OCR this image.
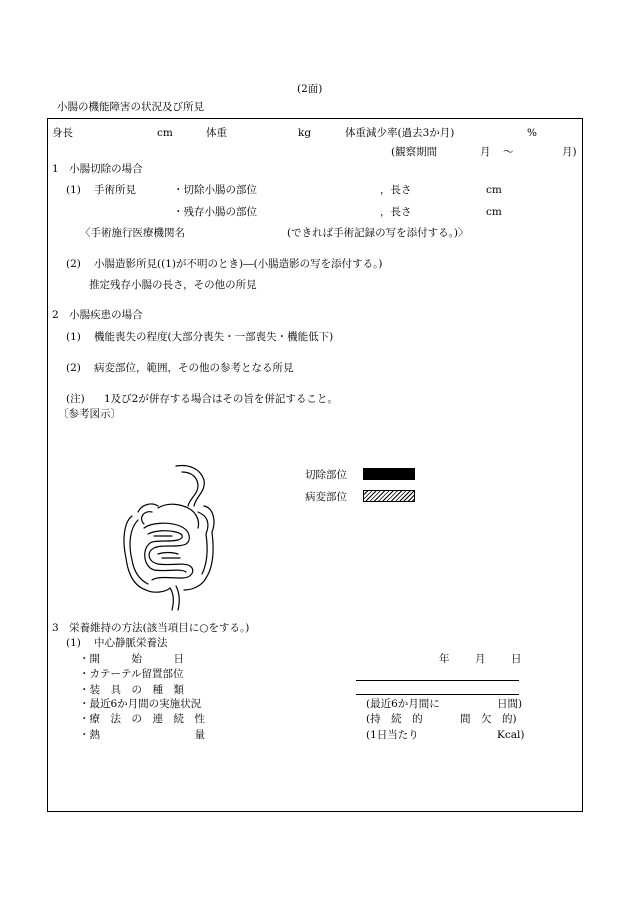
(2面)
小腸の機能障害の状況及び所見
身長	cm	体重	kg	体重減少率(過去3か月)	%
(観察期間	月 ～	月)
1　小腸切除の場合
(1) 手術所見	・切除小腸の部位	，長さ	cm
・残存小腸の部位	，長さ	cm
〈手術施行医療機関名	(できれば手術記録の写を添付する。)〉
(2) 小腸造影所見((1)が不明のとき)―(小腸造影の写を添付する。)
推定残存小腸の長さ，その他の所見
2　小腸疾患の場合
(1) 機能喪失の程度(大部分喪失・一部喪失・機能低下)
(2) 病変部位，範囲，その他の参考となる所見
(注) 1及び2が併存する場合はその旨を併記すること。
〔参考図示〕
切除部位
病変部位
3　栄養維持の方法(該当項目に○をする。)
(1) 中心静脈栄養法
・開　　　始　　　日	年 月 日
・カテーテル留置部位
・装　具　の　種　類
・最近6か月間の実施状況	(最近6か月間に	日間)
・療　法　の　連　続　性	(持　続　的	間　欠　的)
・熱　　　　　　　　　量	(1日当たり	Kcal)
